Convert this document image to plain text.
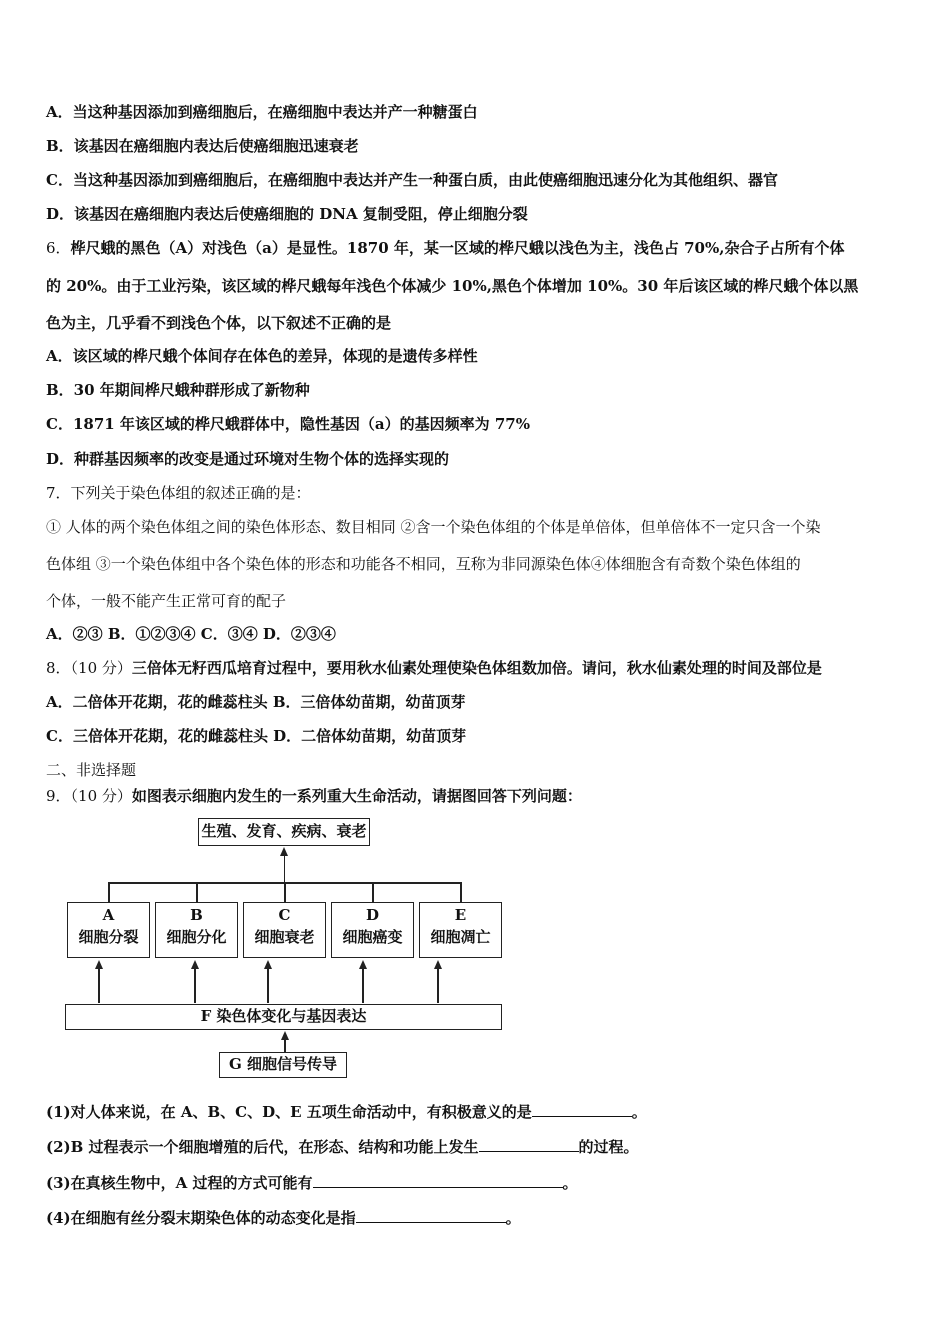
A．当这种基因添加到癌细胞后，在癌细胞中表达并产一种糖蛋白
B．该基因在癌细胞内表达后使癌细胞迅速衰老
C．当这种基因添加到癌细胞后，在癌细胞中表达并产生一种蛋白质，由此使癌细胞迅速分化为其他组织、器官
D．该基因在癌细胞内表达后使癌细胞的 DNA 复制受阻，停止细胞分裂
6．桦尺蛾的黑色（A）对浅色（a）是显性。1870 年，某一区域的桦尺蛾以浅色为主，浅色占 70%,杂合子占所有个体
的 20%。由于工业污染，该区域的桦尺蛾每年浅色个体减少 10%,黑色个体增加 10%。30 年后该区域的桦尺蛾个体以黑
色为主，几乎看不到浅色个体，以下叙述不正确的是
A．该区域的桦尺蛾个体间存在体色的差异，体现的是遗传多样性
B．30 年期间桦尺蛾种群形成了新物种
C．1871 年该区域的桦尺蛾群体中，隐性基因（a）的基因频率为 77%
D．种群基因频率的改变是通过环境对生物个体的选择实现的
7．下列关于染色体组的叙述正确的是：
① 人体的两个染色体组之间的染色体形态、数目相同 ②含一个染色体组的个体是单倍体，但单倍体不一定只含一个染
色体组 ③一个染色体组中各个染色体的形态和功能各不相同，互称为非同源染色体④体细胞含有奇数个染色体组的
个体，一般不能产生正常可育的配子
A．②③ B．①②③④ C．③④ D．②③④
8．（10 分）三倍体无籽西瓜培育过程中，要用秋水仙素处理使染色体组数加倍。请问，秋水仙素处理的时间及部位是
A．二倍体开花期，花的雌蕊柱头 B．三倍体幼苗期，幼苗顶芽
C．三倍体开花期，花的雌蕊柱头 D．二倍体幼苗期，幼苗顶芽
二、非选择题
9．（10 分）如图表示细胞内发生的一系列重大生命活动，请据图回答下列问题：
生殖、发育、疾病、衰老
A
细胞分裂
B
细胞分化
C
细胞衰老
D
细胞癌变
E
细胞凋亡
F 染色体变化与基因表达
G 细胞信号传导
(1)对人体来说，在 A、B、C、D、E 五项生命活动中，有积极意义的是	。
(2)B 过程表示一个细胞增殖的后代，在形态、结构和功能上发生	的过程。
(3)在真核生物中，A 过程的方式可能有	。
(4)在细胞有丝分裂末期染色体的动态变化是指	。
